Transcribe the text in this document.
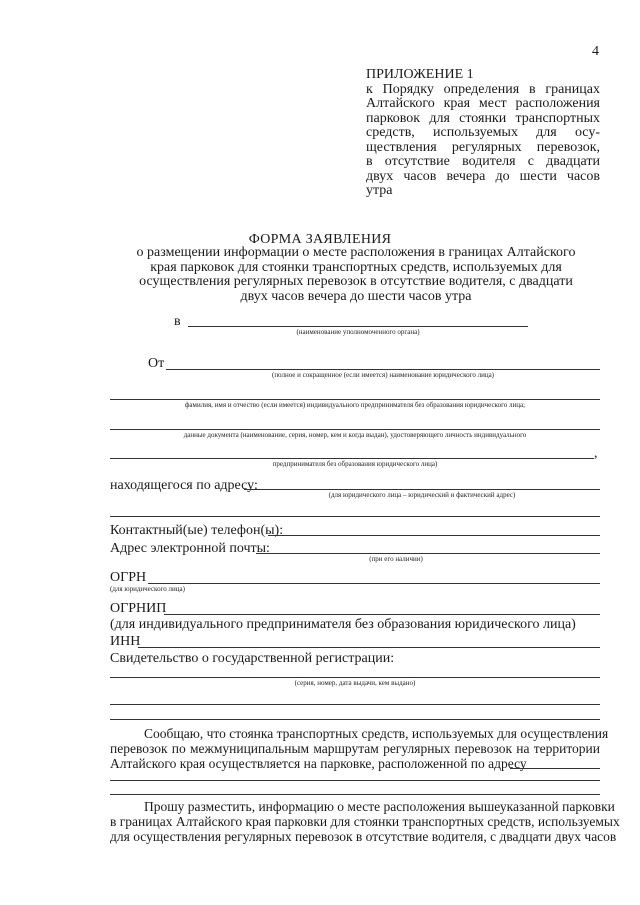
4
ПРИЛОЖЕНИЕ 1
к Порядку определения в границах
Алтайского края мест расположения
парковок для стоянки транспортных
средств, используемых для осу-
ществления регулярных перевозок,
в отсутствие водителя с двадцати
двух часов вечера до шести часов
утра
ФОРМА ЗАЯВЛЕНИЯ
о размещении информации о месте расположения в границах Алтайского
края парковок для стоянки транспортных средств, используемых для
осуществления регулярных перевозок в отсутствие водителя, с двадцати
двух часов вечера до шести часов утра
в
(наименование уполномоченного органа)
От
(полное и сокращенное (если имеется) наименование юридического лица)
фамилия, имя и отчество (если имеется) индивидуального предпринимателя без образования юридического лица;
данные документа (наименование, серия, номер, кем и когда выдан), удостоверяющего личность индивидуального
,
предпринимателя без образования юридического лица)
находящегося по адресу:
(для юридического лица – юридический и фактический адрес)
Контактный(ые) телефон(ы):
Адрес электронной почты:
(при его наличии)
ОГРН
(для юридического лица)
ОГРНИП
(для индивидуального предпринимателя без образования юридического лица)
ИНН
Свидетельство о государственной регистрации:
(серия, номер, дата выдачи, кем выдано)
Сообщаю, что стоянка транспортных средств, используемых для осуществления
перевозок по межмуниципальным маршрутам регулярных перевозок на территории
Алтайского края осуществляется на парковке, расположенной по адресу
Прошу разместить, информацию о месте расположения вышеуказанной парковки
в границах Алтайского края парковки для стоянки транспортных средств, используемых
для осуществления регулярных перевозок в отсутствие водителя, с двадцати двух часов
